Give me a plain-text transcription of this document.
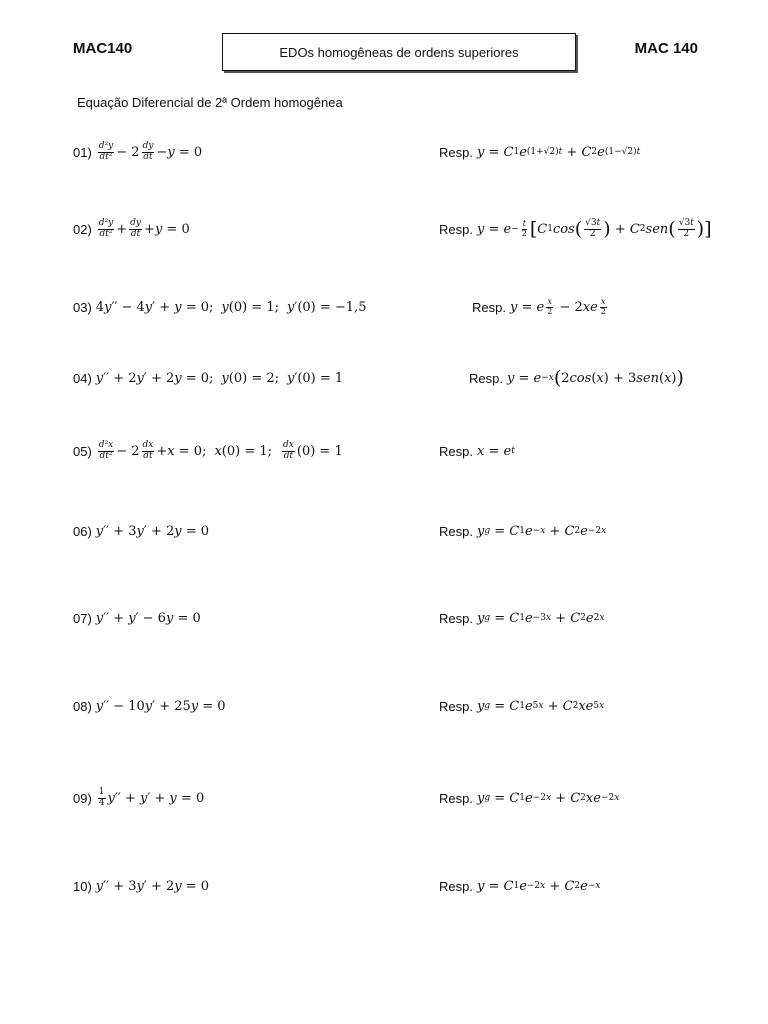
MAC140	EDOs homogêneas de ordens superiores	MAC 140
Equação Diferencial de 2ª Ordem homogênea
$01) \frac{\text{d²y}}{\text{dt²}} - 2 \frac{dy}{dt} - y = 0$	Resp. y = C 1 e (1+√2)t + C 2 e (1−√2)t
$02) \frac{\text{d²y}}{\text{dt²}} + \frac{dy}{dt} + y = 0$	Resp. $y = e - \frac{t}{2}$ [ C 1 cos ( $\frac{√3t}{2}$ ) + C 2 sen ( $\frac{√3t}{2}$ ) ]
03) 4 y ′′ − 4 y ′ + y = 0; y (0) = 1; y ′(0) = −1,5	Resp. y = e $\frac{x}{2} - 2$ xe $\frac{x}{2}$
04) y ′′ + 2 y ′ + 2 y = 0; y (0) = 2; y ′(0) = 1	Resp. y = e −x ( 2 cos ( x ) + 3 sen ( x ) )
$05) \frac{\text{d²x}}{\text{dt²}} - 2 \frac{dx}{dt} + x = 0$; x (0) = 1; $\frac{dx}{dt} (0) = 1$	Resp. x = e t
06) y ′′ + 3 y ′ + 2 y = 0	Resp. y g = C 1 e −x + C 2 e −2x
07) y ′′ + y ′ − 6 y = 0	Resp. y g = C 1 e −3x + C 2 e 2x
08) y ′′ − 10 y ′ + 25 y = 0	Resp. y g = C 1 e 5x + C 2 xe 5x
$09) \frac{1}{4}$ y ′′ + y ′ + y = 0	Resp. y g = C 1 e −2x + C 2 xe −2x
10) y ′′ + 3 y ′ + 2 y = 0	Resp. y = C 1 e −2x + C 2 e −x
